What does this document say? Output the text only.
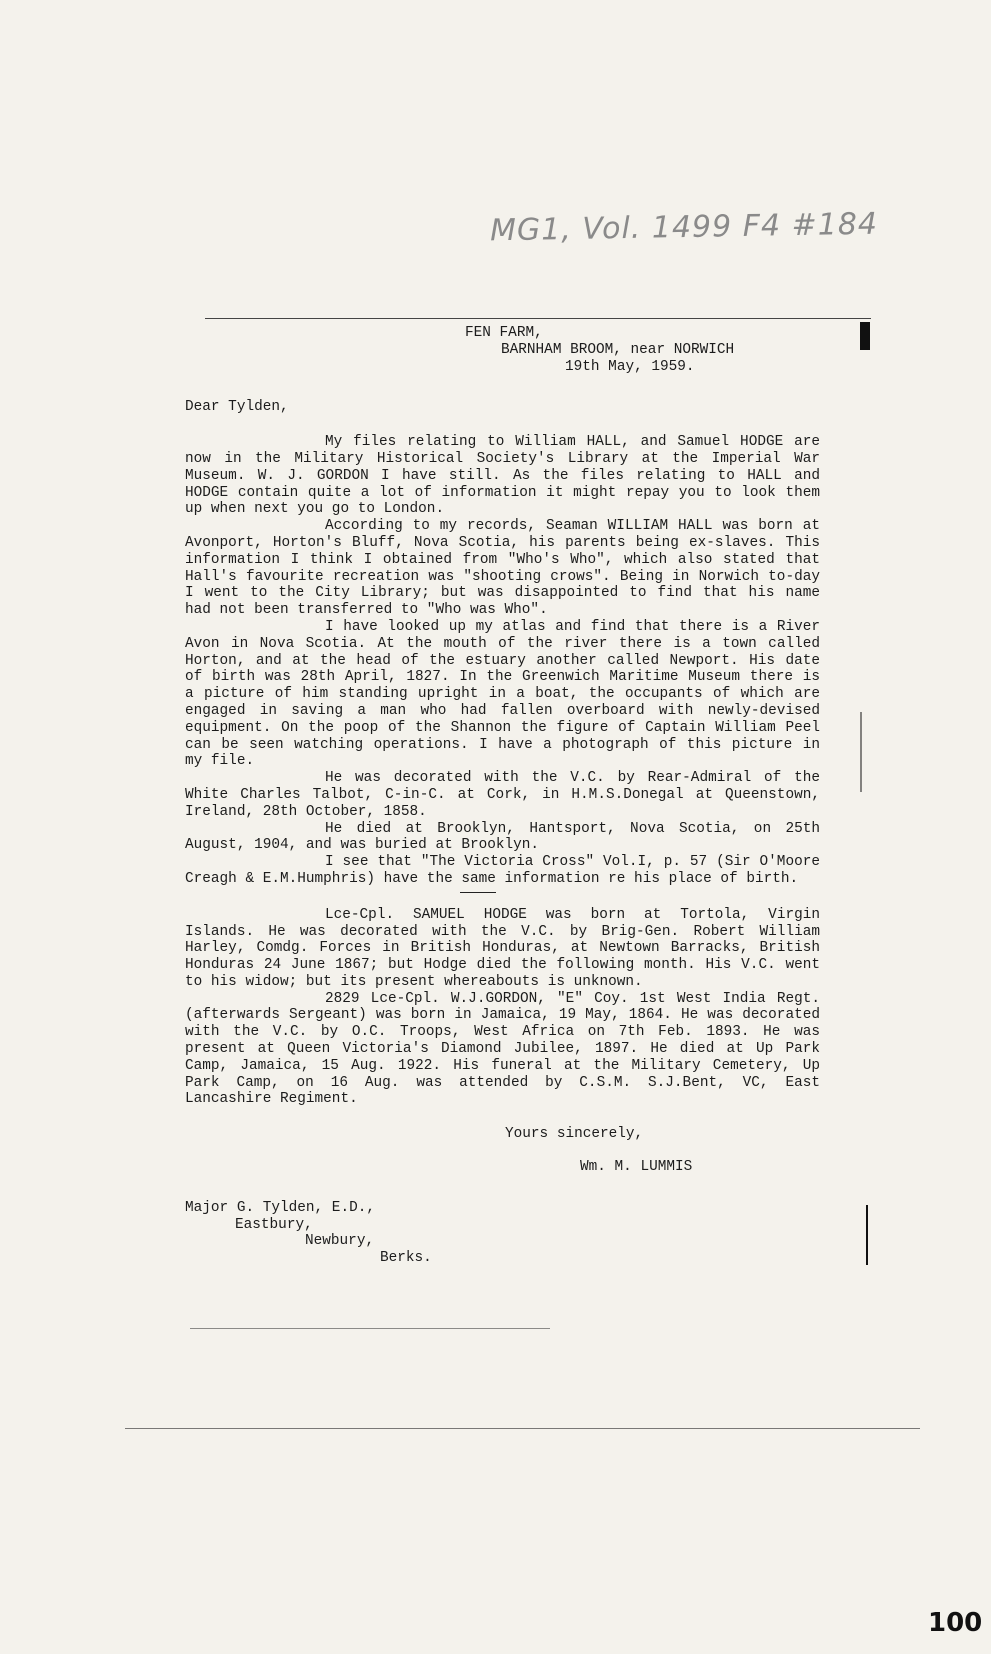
MG1, Vol. 1499 F4 #184
FEN FARM,
BARNHAM BROOM, near NORWICH
19th May, 1959.
Dear Tylden,

My files relating to William HALL, and Samuel HODGE are now in the Military Historical Society's Library at the Imperial War Museum. W. J. GORDON I have still. As the files relating to HALL and HODGE contain quite a lot of information it might repay you to look them up when next you go to London.

According to my records, Seaman WILLIAM HALL was born at Avonport, Horton's Bluff, Nova Scotia, his parents being ex-slaves. This information I think I obtained from "Who's Who", which also stated that Hall's favourite recreation was "shooting crows". Being in Norwich to-day I went to the City Library; but was disappointed to find that his name had not been transferred to "Who was Who".

I have looked up my atlas and find that there is a River Avon in Nova Scotia. At the mouth of the river there is a town called Horton, and at the head of the estuary another called Newport. His date of birth was 28th April, 1827. In the Greenwich Maritime Museum there is a picture of him standing upright in a boat, the occupants of which are engaged in saving a man who had fallen overboard with newly-devised equipment. On the poop of the Shannon the figure of Captain William Peel can be seen watching operations. I have a photograph of this picture in my file.

He was decorated with the V.C. by Rear-Admiral of the White Charles Talbot, C-in-C. at Cork, in H.M.S.Donegal at Queenstown, Ireland, 28th October, 1858.

He died at Brooklyn, Hantsport, Nova Scotia, on 25th August, 1904, and was buried at Brooklyn.

I see that "The Victoria Cross" Vol.I, p. 57 (Sir O'Moore Creagh & E.M.Humphris) have the same information re his place of birth.

Lce-Cpl. SAMUEL HODGE was born at Tortola, Virgin Islands. He was decorated with the V.C. by Brig-Gen. Robert William Harley, Comdg. Forces in British Honduras, at Newtown Barracks, British Honduras 24 June 1867; but Hodge died the following month. His V.C. went to his widow; but its present whereabouts is unknown.

2829 Lce-Cpl. W.J.GORDON, "E" Coy. 1st West India Regt. (afterwards Sergeant) was born in Jamaica, 19 May, 1864. He was decorated with the V.C. by O.C. Troops, West Africa on 7th Feb. 1893. He was present at Queen Victoria's Diamond Jubilee, 1897. He died at Up Park Camp, Jamaica, 15 Aug. 1922. His funeral at the Military Cemetery, Up Park Camp, on 16 Aug. was attended by C.S.M. S.J.Bent, VC, East Lancashire Regiment.

Yours sincerely,
Wm. M. LUMMIS
Major G. Tylden, E.D.,
Eastbury,
Newbury,
Berks.
100
